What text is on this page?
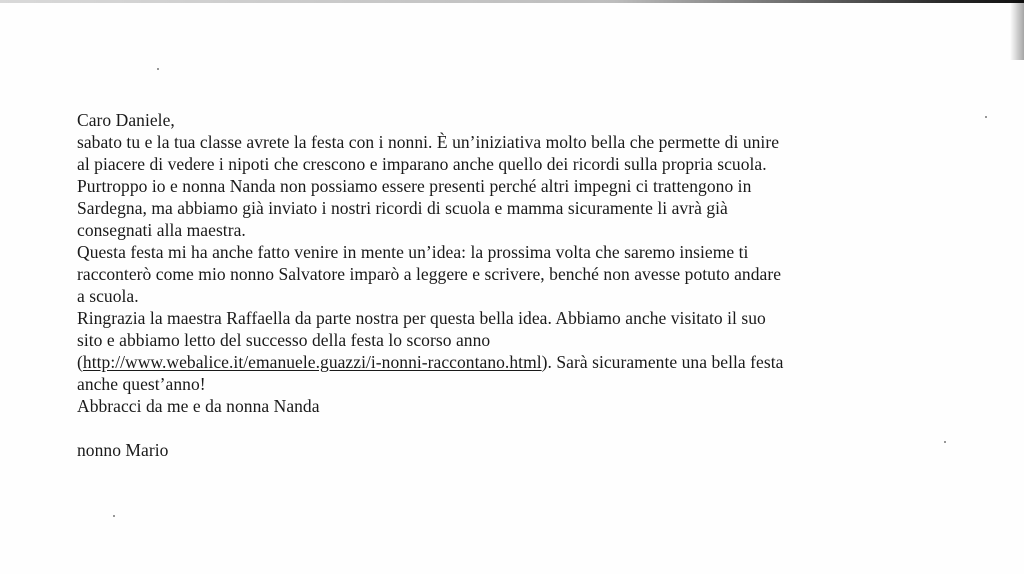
Caro Daniele,
sabato tu e la tua classe avrete la festa con i nonni. È un’iniziativa molto bella che permette di unire
al piacere di vedere i nipoti che crescono e imparano anche quello dei ricordi sulla propria scuola.
Purtroppo io e nonna Nanda non possiamo essere presenti perché altri impegni ci trattengono in
Sardegna, ma abbiamo già inviato i nostri ricordi di scuola e mamma sicuramente li avrà già
consegnati alla maestra.
Questa festa mi ha anche fatto venire in mente un’idea: la prossima volta che saremo insieme ti
racconterò come mio nonno Salvatore imparò a leggere e scrivere, benché non avesse potuto andare
a scuola.
Ringrazia la maestra Raffaella da parte nostra per questa bella idea. Abbiamo anche visitato il suo
sito e abbiamo letto del successo della festa lo scorso anno
(http://www.webalice.it/emanuele.guazzi/i-nonni-raccontano.html). Sarà sicuramente una bella festa
anche quest’anno!
Abbracci da me e da nonna Nanda
nonno Mario
